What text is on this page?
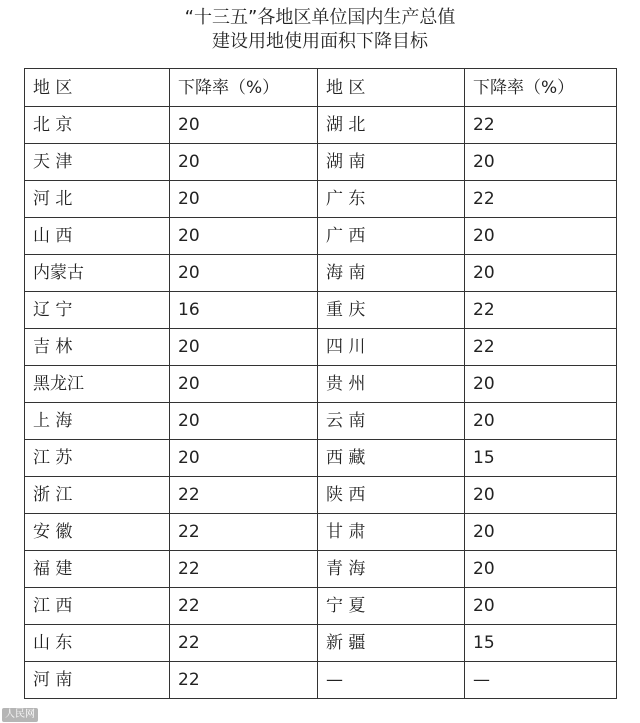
“十三五”各地区单位国内生产总值
建设用地使用面积下降目标
地 区	下降率（%）	地 区	下降率（%）
北 京	20	湖 北	22
天 津	20	湖 南	20
河 北	20	广 东	22
山 西	20	广 西	20
内蒙古	20	海 南	20
辽 宁	16	重 庆	22
吉 林	20	四 川	22
黑龙江	20	贵 州	20
上 海	20	云 南	20
江 苏	20	西 藏	15
浙 江	22	陕 西	20
安 徽	22	甘 肃	20
福 建	22	青 海	20
江 西	22	宁 夏	20
山 东	22	新 疆	15
河 南	22	—	—
人民网
